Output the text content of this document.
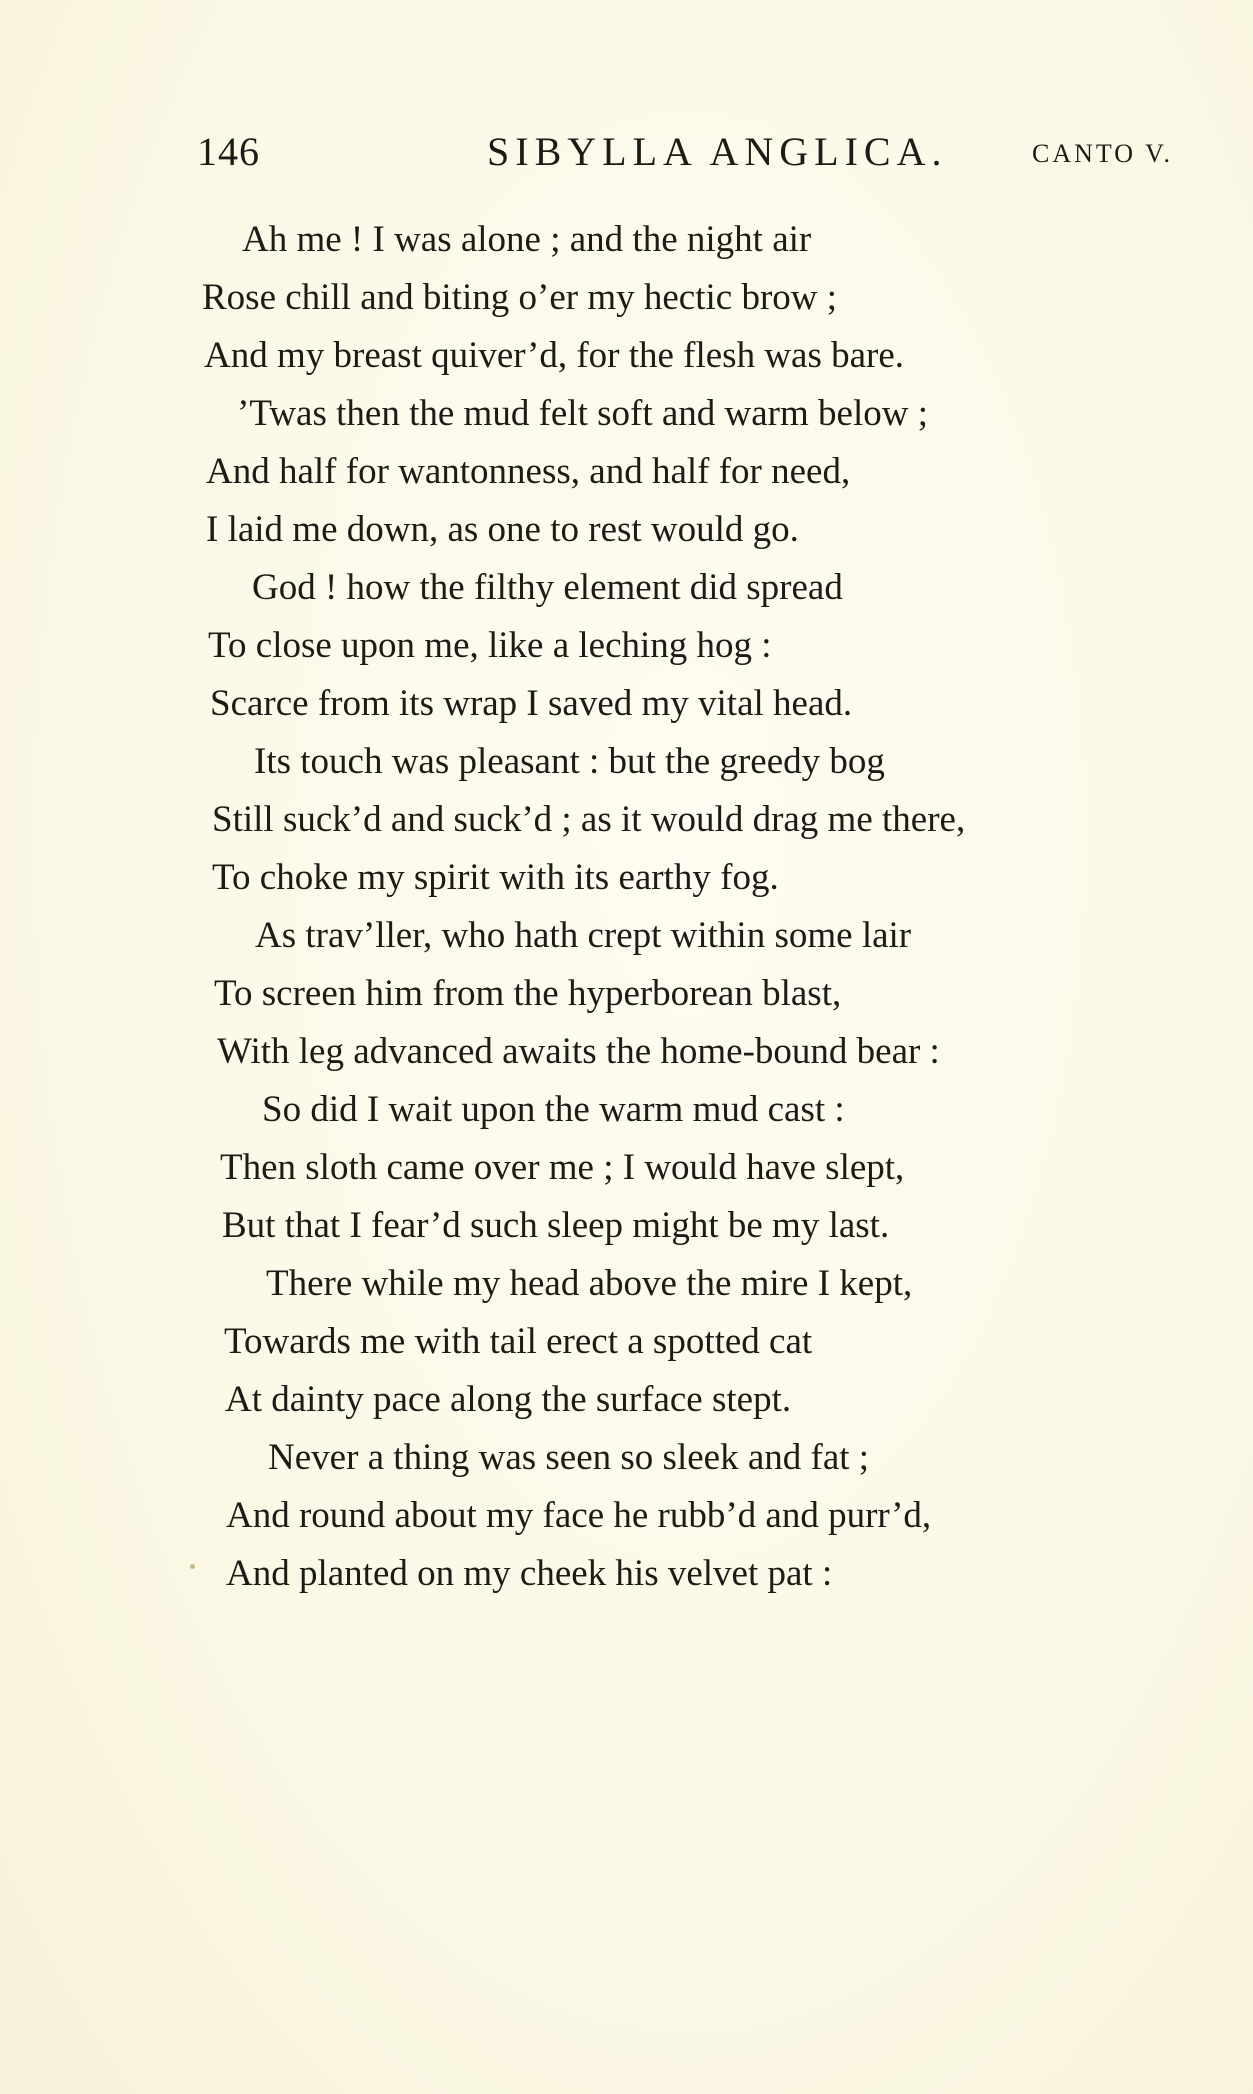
146	SIBYLLA ANGLICA.	CANTO V.
Ah me ! I was alone ; and the night air
Rose chill and biting o’er my hectic brow ;
And my breast quiver’d, for the flesh was bare.
’Twas then the mud felt soft and warm below ;
And half for wantonness, and half for need,
I laid me down, as one to rest would go.
God ! how the filthy element did spread
To close upon me, like a leching hog :
Scarce from its wrap I saved my vital head.
Its touch was pleasant : but the greedy bog
Still suck’d and suck’d ; as it would drag me there,
To choke my spirit with its earthy fog.
As trav’ller, who hath crept within some lair
To screen him from the hyperborean blast,
With leg advanced awaits the home-bound bear :
So did I wait upon the warm mud cast :
Then sloth came over me ; I would have slept,
But that I fear’d such sleep might be my last.
There while my head above the mire I kept,
Towards me with tail erect a spotted cat
At dainty pace along the surface stept.
Never a thing was seen so sleek and fat ;
And round about my face he rubb’d and purr’d,
And planted on my cheek his velvet pat :
